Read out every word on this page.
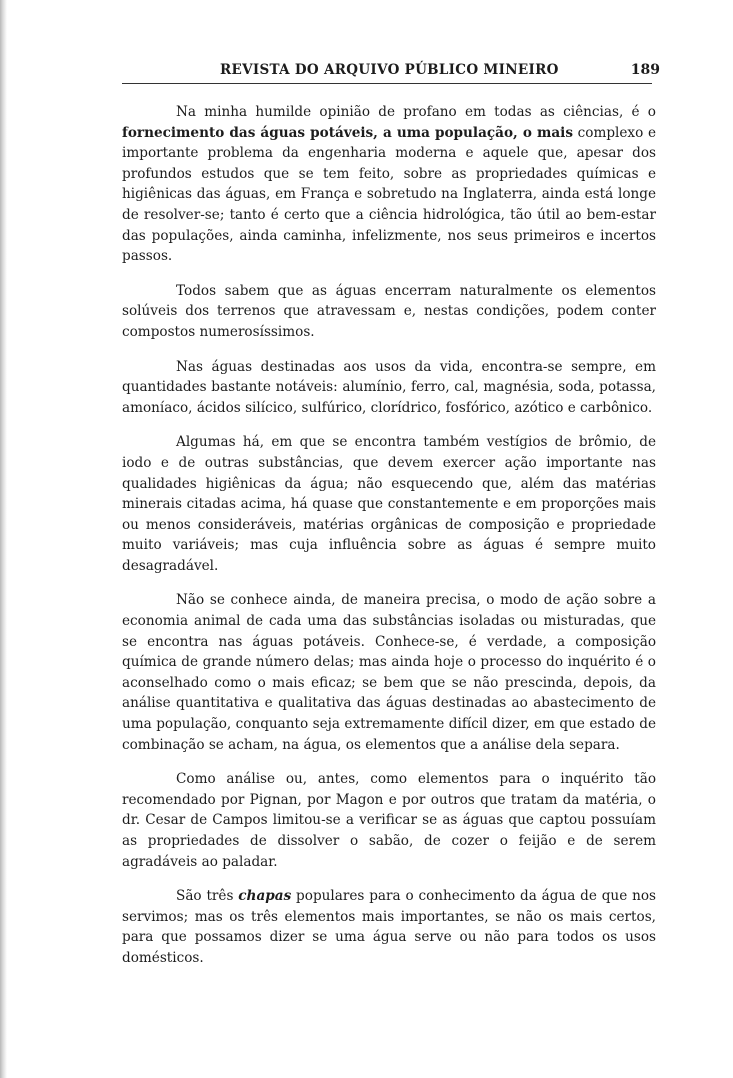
REVISTA DO ARQUIVO PÚBLICO MINEIRO	189

Na minha humilde opinião de profano em todas as ciências, é o fornecimento das águas potáveis, a uma população, o mais complexo e importante problema da engenharia moderna e aquele que, apesar dos profundos estudos que se tem feito, sobre as propriedades químicas e higiênicas das águas, em França e sobretudo na Inglaterra, ainda está longe de resolver-se; tanto é certo que a ciência hidrológica, tão útil ao bem-estar das populações, ainda caminha, infelizmente, nos seus primeiros e incertos passos.

Todos sabem que as águas encerram naturalmente os elementos solúveis dos terrenos que atravessam e, nestas condições, podem conter compostos numerosíssimos.

Nas águas destinadas aos usos da vida, encontra-se sempre, em quantidades bastante notáveis: alumínio, ferro, cal, magnésia, soda, potassa, amoníaco, ácidos silícico, sulfúrico, clorídrico, fosfórico, azótico e carbônico.

Algumas há, em que se encontra também vestígios de brômio, de iodo e de outras substâncias, que devem exercer ação importante nas qualidades higiênicas da água; não esquecendo que, além das matérias minerais citadas acima, há quase que constantemente e em proporções mais ou menos consideráveis, matérias orgânicas de composição e propriedade muito variáveis; mas cuja influência sobre as águas é sempre muito desagradável.

Não se conhece ainda, de maneira precisa, o modo de ação sobre a economia animal de cada uma das substâncias isoladas ou misturadas, que se encontra nas águas potáveis. Conhece-se, é verdade, a composição química de grande número delas; mas ainda hoje o processo do inquérito é o aconselhado como o mais eficaz; se bem que se não prescinda, depois, da análise quantitativa e qualitativa das águas destinadas ao abastecimento de uma população, conquanto seja extremamente difícil dizer, em que estado de combinação se acham, na água, os elementos que a análise dela separa.

Como análise ou, antes, como elementos para o inquérito tão recomendado por Pignan, por Magon e por outros que tratam da matéria, o dr. Cesar de Campos limitou-se a verificar se as águas que captou possuíam as propriedades de dissolver o sabão, de cozer o feijão e de serem agradáveis ao paladar.

São três chapas populares para o conhecimento da água de que nos servimos; mas os três elementos mais importantes, se não os mais certos, para que possamos dizer se uma água serve ou não para todos os usos domésticos.
